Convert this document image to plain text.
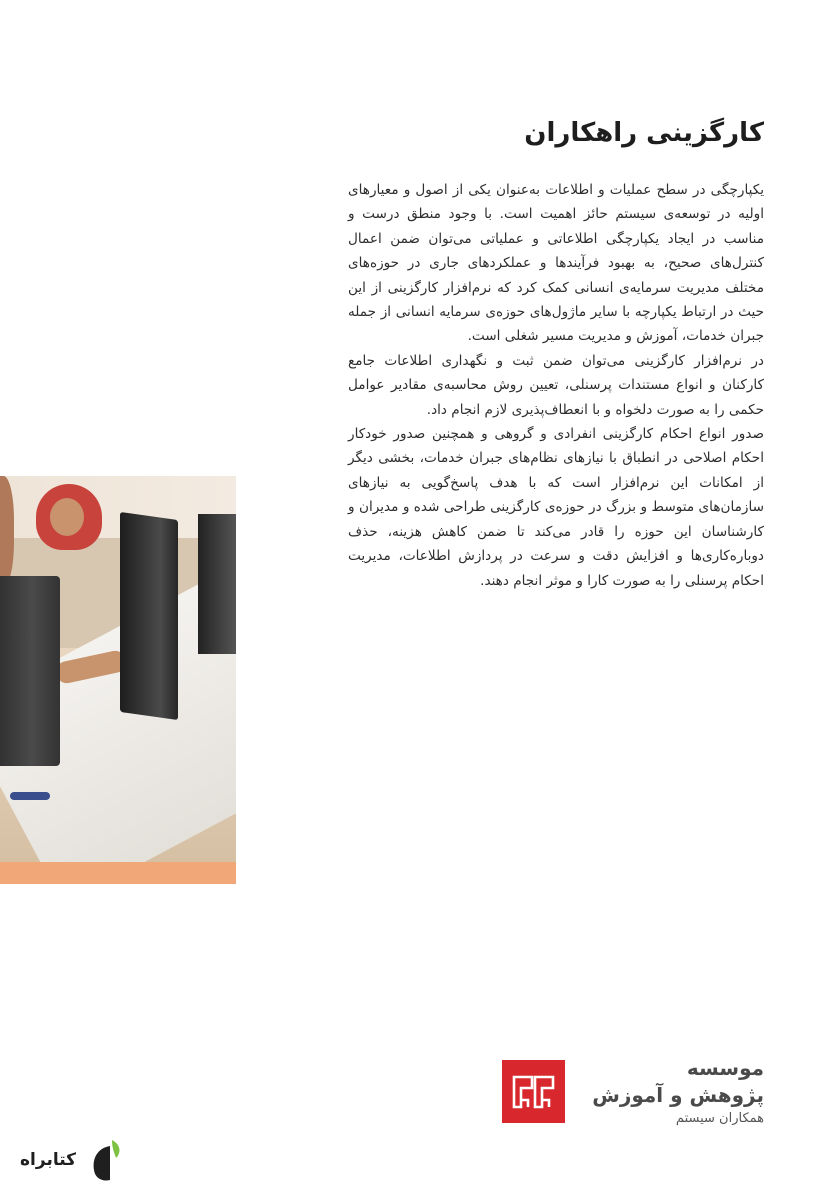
کارگزینی راهکاران

یکپارچگی در سطح عملیات و اطلاعات به‌عنوان یکی از اصول و معیارهای اولیه در توسعه‌ی سیستم حائز اهمیت است. با وجود منطق درست و مناسب در ایجاد یکپارچگی اطلاعاتی و عملیاتی می‌توان ضمن اعمال کنترل‌های صحیح، به بهبود فرآیندها و عملکردهای جاری در حوزه‌های مختلف مدیریت سرمایه‌ی انسانی کمک کرد که نرم‌افزار کارگزینی از این حیث در ارتباط یکپارچه با سایر ماژول‌های حوزه‌ی سرمایه انسانی از جمله جبران خدمات، آموزش و مدیریت مسیر شغلی است.

در نرم‌افزار کارگزینی می‌توان ضمن ثبت و نگهداری اطلاعات جامع کارکنان و انواع مستندات پرسنلی، تعیین روش محاسبه‌ی مقادیر عوامل حکمی را به صورت دلخواه و با انعطاف‌پذیری لازم انجام داد.

صدور انواع احکام کارگزینی انفرادی و گروهی و همچنین صدور خودکار احکام اصلاحی در انطباق با نیازهای نظام‌های جبران خدمات، بخشی دیگر از امکانات این نرم‌افزار است که با هدف پاسخ‌گویی به نیازهای سازمان‌های متوسط و بزرگ در حوزه‌ی کارگزینی طراحی شده و مدیران و کارشناسان این حوزه را قادر می‌کند تا ضمن کاهش هزینه، حذف دوباره‌کاری‌ها و افزایش دقت و سرعت در پردازش اطلاعات، مدیریت احکام پرسنلی را به صورت کارا و موثر انجام دهند.

موسسه
پژوهش و آموزش
همکاران سیستم
کتابراه
